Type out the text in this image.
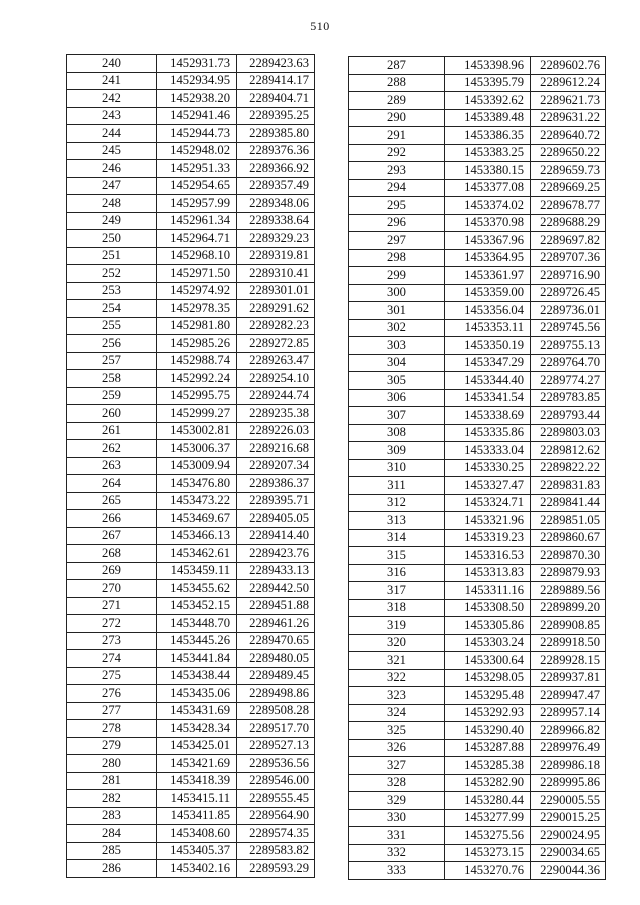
510
240	1452931.73	2289423.63
241	1452934.95	2289414.17
242	1452938.20	2289404.71
243	1452941.46	2289395.25
244	1452944.73	2289385.80
245	1452948.02	2289376.36
246	1452951.33	2289366.92
247	1452954.65	2289357.49
248	1452957.99	2289348.06
249	1452961.34	2289338.64
250	1452964.71	2289329.23
251	1452968.10	2289319.81
252	1452971.50	2289310.41
253	1452974.92	2289301.01
254	1452978.35	2289291.62
255	1452981.80	2289282.23
256	1452985.26	2289272.85
257	1452988.74	2289263.47
258	1452992.24	2289254.10
259	1452995.75	2289244.74
260	1452999.27	2289235.38
261	1453002.81	2289226.03
262	1453006.37	2289216.68
263	1453009.94	2289207.34
264	1453476.80	2289386.37
265	1453473.22	2289395.71
266	1453469.67	2289405.05
267	1453466.13	2289414.40
268	1453462.61	2289423.76
269	1453459.11	2289433.13
270	1453455.62	2289442.50
271	1453452.15	2289451.88
272	1453448.70	2289461.26
273	1453445.26	2289470.65
274	1453441.84	2289480.05
275	1453438.44	2289489.45
276	1453435.06	2289498.86
277	1453431.69	2289508.28
278	1453428.34	2289517.70
279	1453425.01	2289527.13
280	1453421.69	2289536.56
281	1453418.39	2289546.00
282	1453415.11	2289555.45
283	1453411.85	2289564.90
284	1453408.60	2289574.35
285	1453405.37	2289583.82
286	1453402.16	2289593.29
287	1453398.96	2289602.76
288	1453395.79	2289612.24
289	1453392.62	2289621.73
290	1453389.48	2289631.22
291	1453386.35	2289640.72
292	1453383.25	2289650.22
293	1453380.15	2289659.73
294	1453377.08	2289669.25
295	1453374.02	2289678.77
296	1453370.98	2289688.29
297	1453367.96	2289697.82
298	1453364.95	2289707.36
299	1453361.97	2289716.90
300	1453359.00	2289726.45
301	1453356.04	2289736.01
302	1453353.11	2289745.56
303	1453350.19	2289755.13
304	1453347.29	2289764.70
305	1453344.40	2289774.27
306	1453341.54	2289783.85
307	1453338.69	2289793.44
308	1453335.86	2289803.03
309	1453333.04	2289812.62
310	1453330.25	2289822.22
311	1453327.47	2289831.83
312	1453324.71	2289841.44
313	1453321.96	2289851.05
314	1453319.23	2289860.67
315	1453316.53	2289870.30
316	1453313.83	2289879.93
317	1453311.16	2289889.56
318	1453308.50	2289899.20
319	1453305.86	2289908.85
320	1453303.24	2289918.50
321	1453300.64	2289928.15
322	1453298.05	2289937.81
323	1453295.48	2289947.47
324	1453292.93	2289957.14
325	1453290.40	2289966.82
326	1453287.88	2289976.49
327	1453285.38	2289986.18
328	1453282.90	2289995.86
329	1453280.44	2290005.55
330	1453277.99	2290015.25
331	1453275.56	2290024.95
332	1453273.15	2290034.65
333	1453270.76	2290044.36
